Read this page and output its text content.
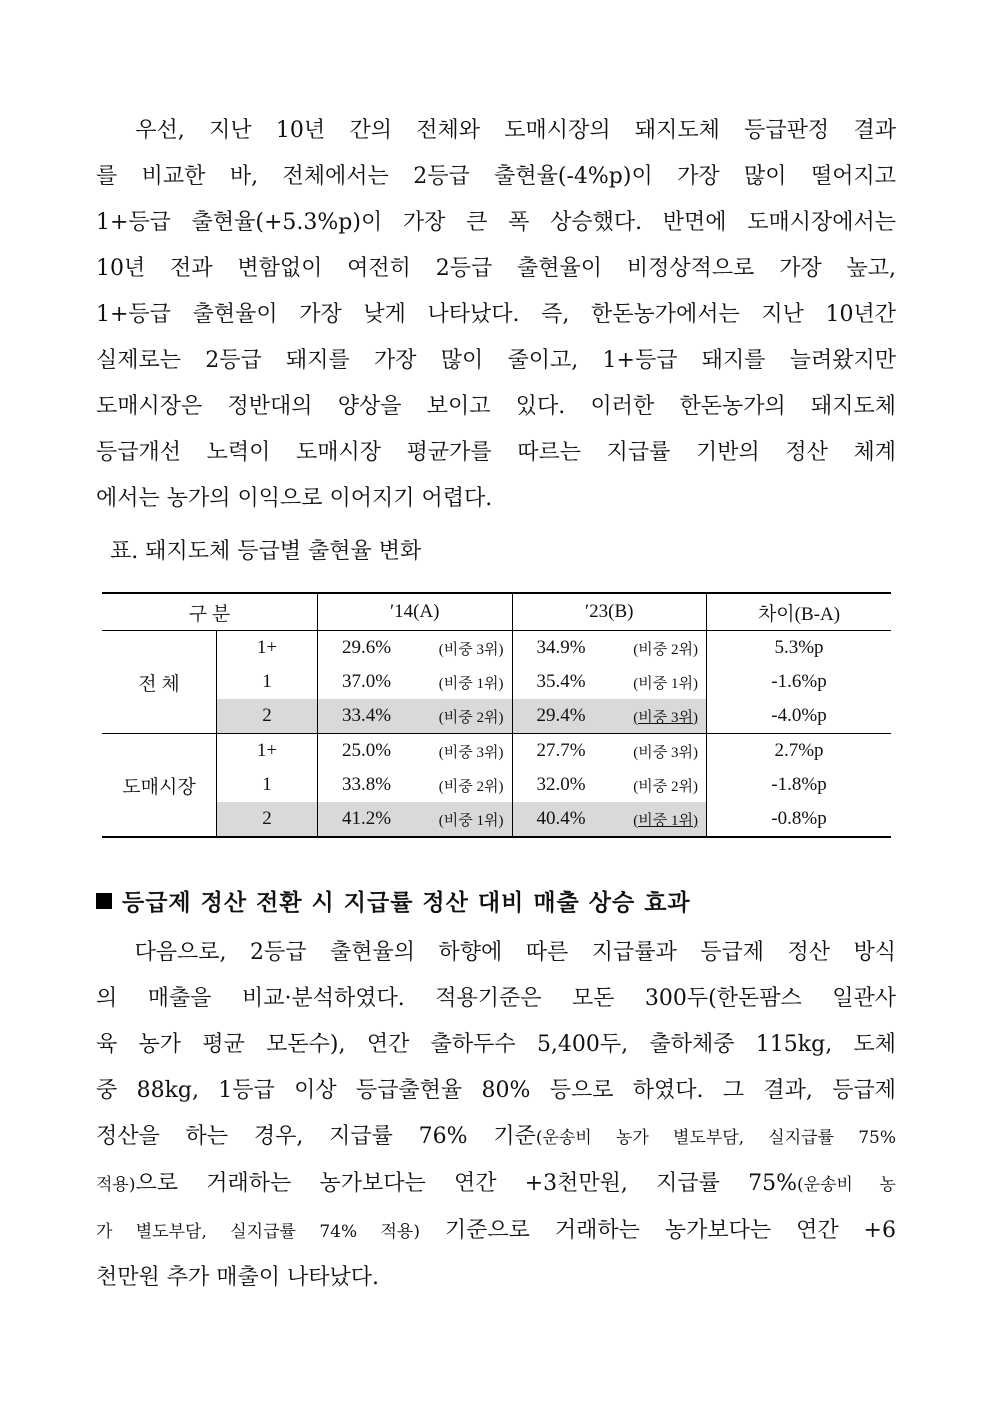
　우선, 지난 10년 간의 전체와 도매시장의 돼지도체 등급판정 결과
를 비교한 바, 전체에서는 2등급 출현율(-4%p)이 가장 많이 떨어지고
1+등급 출현율(+5.3%p)이 가장 큰 폭 상승했다. 반면에 도매시장에서는
10년 전과 변함없이 여전히 2등급 출현율이 비정상적으로 가장 높고,
1+등급 출현율이 가장 낮게 나타났다. 즉, 한돈농가에서는 지난 10년간
실제로는 2등급 돼지를 가장 많이 줄이고, 1+등급 돼지를 늘려왔지만
도매시장은 정반대의 양상을 보이고 있다. 이러한 한돈농가의 돼지도체
등급개선 노력이 도매시장 평균가를 따르는 지급률 기반의 정산 체계
에서는 농가의 이익으로 이어지기 어렵다.
표. 돼지도체 등급별 출현율 변화
구 분		′14(A)		′23(B)		차이(B-A)
전 체	1+	29.6%	(비중 3위)	34.9%	(비중 2위)	5.3%p
	1	37.0%	(비중 1위)	35.4%	(비중 1위)	-1.6%p
	2	33.4%	(비중 2위)	29.4%	(비중 3위)	-4.0%p
도매시장	1+	25.0%	(비중 3위)	27.7%	(비중 3위)	2.7%p
	1	33.8%	(비중 2위)	32.0%	(비중 2위)	-1.8%p
	2	41.2%	(비중 1위)	40.4%	(비중 1위)	-0.8%p
등급제 정산 전환 시 지급률 정산 대비 매출 상승 효과
　다음으로, 2등급 출현율의 하향에 따른 지급률과 등급제 정산 방식
의 매출을 비교·분석하였다. 적용기준은 모돈 300두(한돈팜스 일관사
육 농가 평균 모돈수), 연간 출하두수 5,400두, 출하체중 115kg, 도체
중 88kg, 1등급 이상 등급출현율 80% 등으로 하였다. 그 결과, 등급제
정산을 하는 경우, 지급률 76% 기준(운송비 농가 별도부담, 실지급률 75%
적용)으로 거래하는 농가보다는 연간 +3천만원, 지급률 75%(운송비 농
가 별도부담, 실지급률 74% 적용) 기준으로 거래하는 농가보다는 연간 +6
천만원 추가 매출이 나타났다.
